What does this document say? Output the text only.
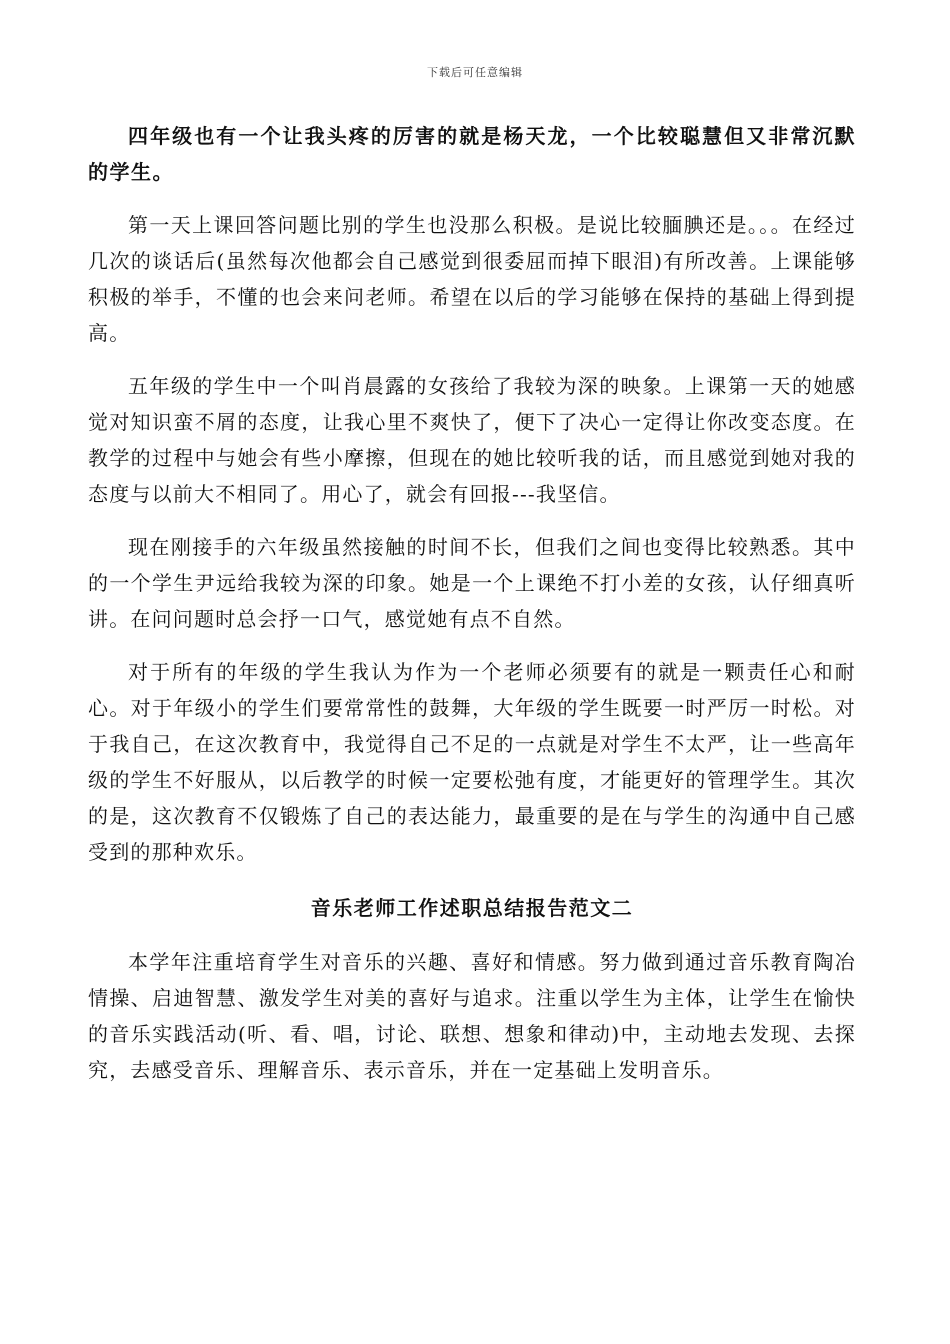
下载后可任意编辑

四年级也有一个让我头疼的厉害的就是杨天龙，一个比较聪慧但又非常沉默的学生。

第一天上课回答问题比别的学生也没那么积极。是说比较腼腆还是。。。在经过几次的谈话后(虽然每次他都会自己感觉到很委屈而掉下眼泪)有所改善。上课能够积极的举手，不懂的也会来问老师。希望在以后的学习能够在保持的基础上得到提高。

五年级的学生中一个叫肖晨露的女孩给了我较为深的映象。上课第一天的她感觉对知识蛮不屑的态度，让我心里不爽快了，便下了决心一定得让你改变态度。在教学的过程中与她会有些小摩擦，但现在的她比较听我的话，而且感觉到她对我的态度与以前大不相同了。用心了，就会有回报---我坚信。

现在刚接手的六年级虽然接触的时间不长，但我们之间也变得比较熟悉。其中的一个学生尹远给我较为深的印象。她是一个上课绝不打小差的女孩，认仔细真听讲。在问问题时总会抒一口气，感觉她有点不自然。

对于所有的年级的学生我认为作为一个老师必须要有的就是一颗责任心和耐心。对于年级小的学生们要常常性的鼓舞，大年级的学生既要一时严厉一时松。对于我自己，在这次教育中，我觉得自己不足的一点就是对学生不太严，让一些高年级的学生不好服从，以后教学的时候一定要松弛有度，才能更好的管理学生。其次的是，这次教育不仅锻炼了自己的表达能力，最重要的是在与学生的沟通中自己感受到的那种欢乐。

音乐老师工作述职总结报告范文二

本学年注重培育学生对音乐的兴趣、喜好和情感。努力做到通过音乐教育陶冶情操、启迪智慧、激发学生对美的喜好与追求。注重以学生为主体，让学生在愉快的音乐实践活动(听、看、唱，讨论、联想、想象和律动)中，主动地去发现、去探究，去感受音乐、理解音乐、表示音乐，并在一定基础上发明音乐。
